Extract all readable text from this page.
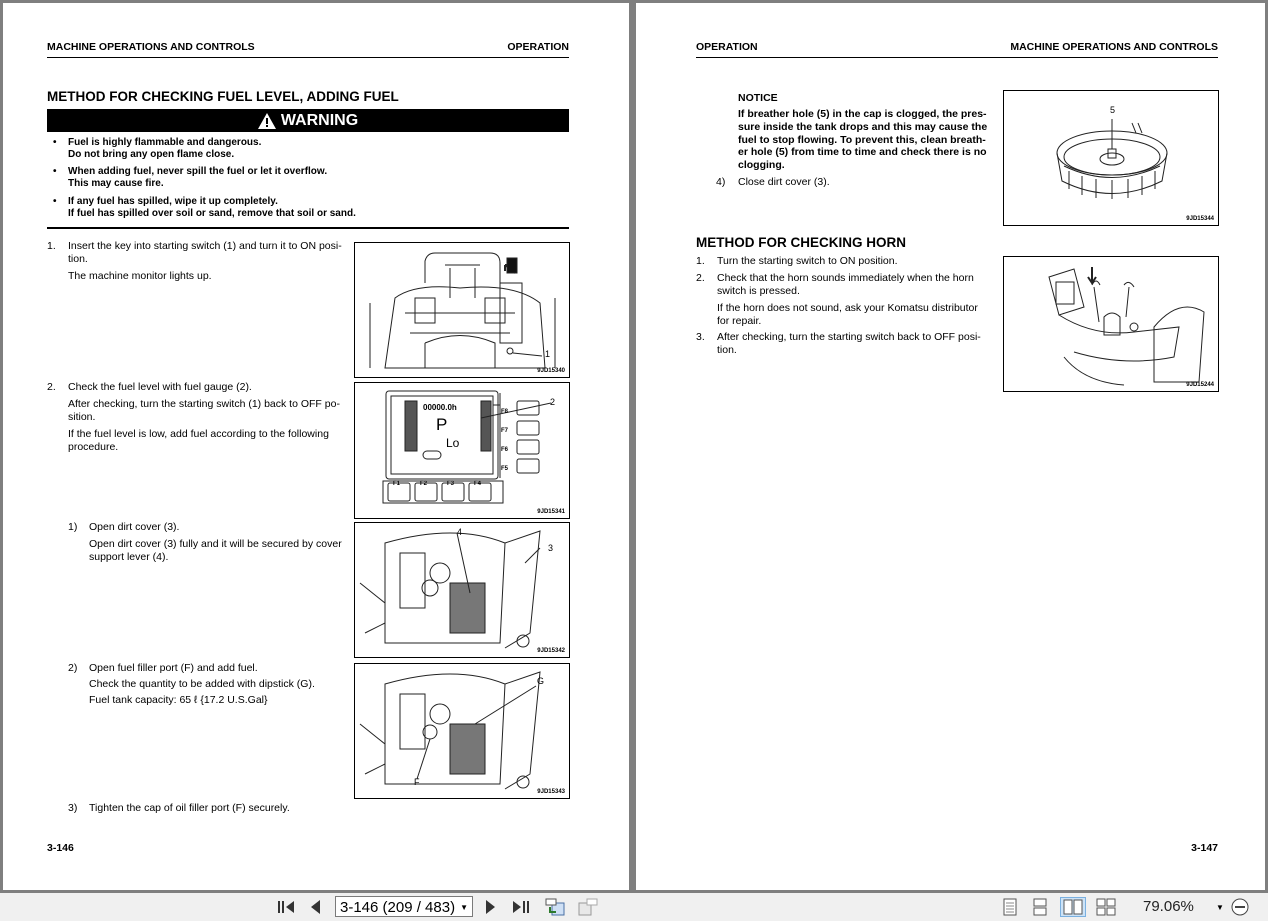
MACHINE OPERATIONS AND CONTROLS	OPERATION
METHOD FOR CHECKING FUEL LEVEL, ADDING FUEL
WARNING
• Fuel is highly flammable and dangerous.
Do not bring any open flame close.
• When adding fuel, never spill the fuel or let it overflow.
This may cause fire.
• If any fuel has spilled, wipe it up completely.
If fuel has spilled over soil or sand, remove that soil or sand.
1. Insert the key into starting switch (1) and turn it to ON posi-
tion.
The machine monitor lights up.
1
9JD15340
2. Check the fuel level with fuel gauge (2).
After checking, turn the starting switch (1) back to OFF po-
sition.
If the fuel level is low, add fuel according to the following
procedure.
2
00000.0h
P
Lo
F8
F7
F6
F5
F1	F2	F3	F4
9JD15341
1) Open dirt cover (3).
Open dirt cover (3) fully and it will be secured by cover
support lever (4).
4
3
9JD15342
2) Open fuel filler port (F) and add fuel.
Check the quantity to be added with dipstick (G).
Fuel tank capacity: 65 ℓ {17.2 U.S.Gal}
G
F
9JD15343
3) Tighten the cap of oil filler port (F) securely.
3-146
OPERATION	MACHINE OPERATIONS AND CONTROLS
NOTICE
If breather hole (5) in the cap is clogged, the pres-
sure inside the tank drops and this may cause the
fuel to stop flowing. To prevent this, clean breath-
er hole (5) from time to time and check there is no
clogging.
4) Close dirt cover (3).
5
9JD15344
METHOD FOR CHECKING HORN
1. Turn the starting switch to ON position.
2. Check that the horn sounds immediately when the horn
switch is pressed.
If the horn does not sound, ask your Komatsu distributor
for repair.
3. After checking, turn the starting switch back to OFF posi-
tion.
9JD15244
3-147
3-146 (209 / 483) ▼	79.06%	▼
